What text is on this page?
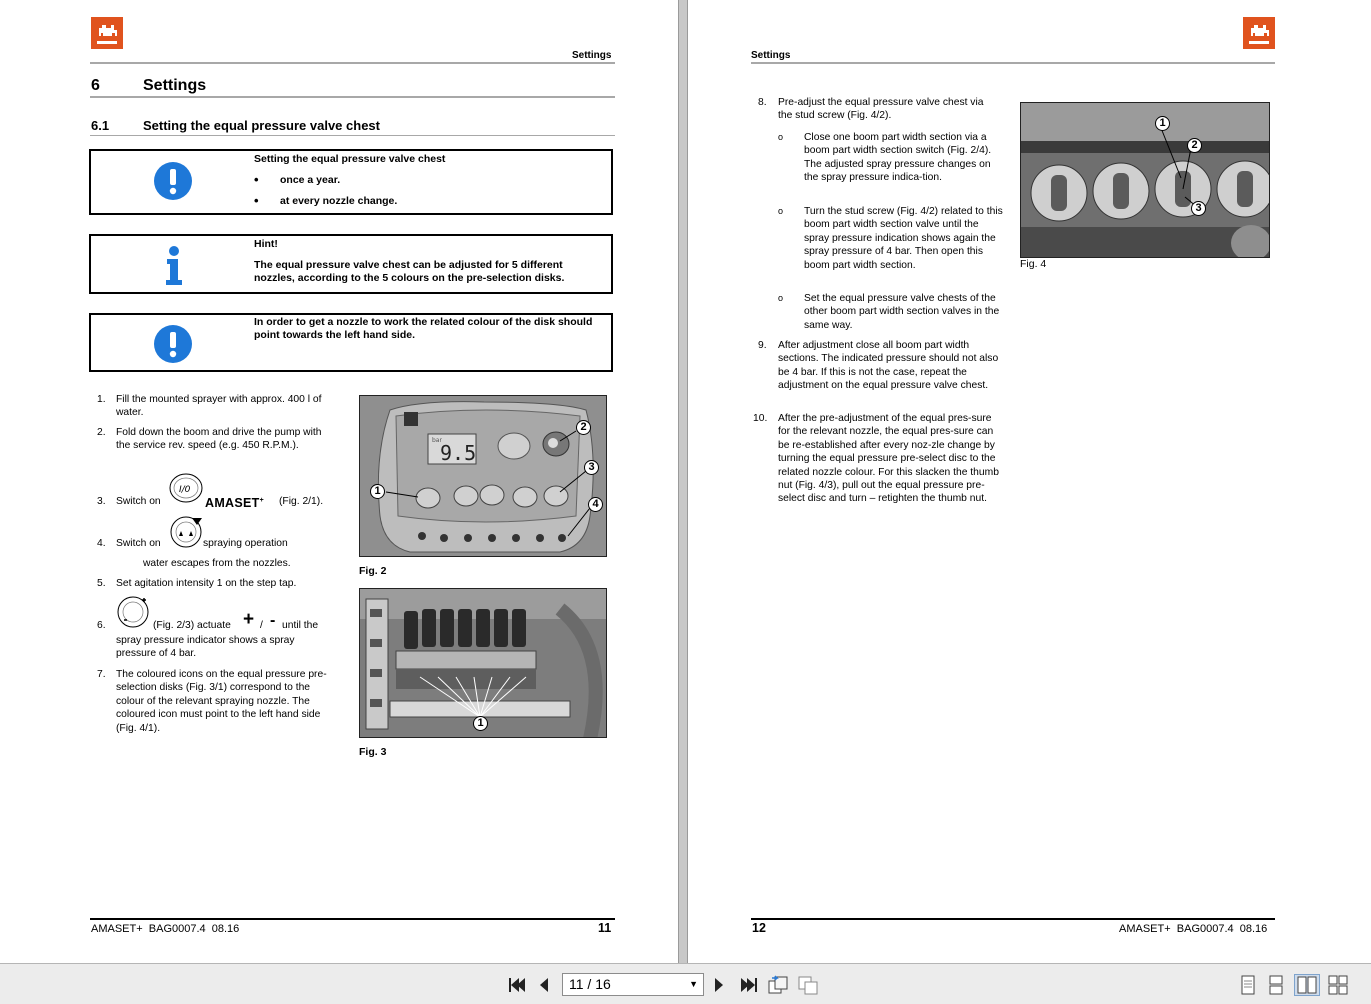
Settings
6	Settings
6.1	Setting the equal pressure valve chest
Setting the equal pressure valve chest
• once a year.
• at every nozzle change.
Hint!
The equal pressure valve chest can be adjusted for 5 different nozzles, according to the 5 colours on the pre-selection disks.
In order to get a nozzle to work the related colour of the disk should point towards the left hand side.
1. Fill the mounted sprayer with approx. 400 l of water.
2. Fold down the boom and drive the pump with the service rev. speed (e.g. 450 R.P.M.).
3. Switch on	AMASET+ (Fig. 2/1).
I/0
4. Switch on	spraying operation
water escapes from the nozzles.
5. Set agitation intensity 1 on the step tap.
6.	(Fig. 2/3) actuate + / - until the
spray pressure indicator shows a spray pressure of 4 bar.
7. The coloured icons on the equal pressure pre-selection disks (Fig. 3/1) correspond to the colour of the relevant spraying nozzle. The coloured icon must point to the left hand side (Fig. 4/1).
bar
9.5
1
2
3
4
Fig. 2
1
Fig. 3
AMASET+  BAG0007.4  08.16	11
Settings
8. Pre-adjust the equal pressure valve chest via the stud screw (Fig. 4/2).
o Close one boom part width section via a boom part width section switch (Fig. 2/4). The adjusted spray pressure changes on the spray pressure indica-tion.
o Turn the stud screw (Fig. 4/2) related to this boom part width section valve until the spray pressure indication shows again the spray pressure of 4 bar. Then open this boom part width section.
o Set the equal pressure valve chests of the other boom part width section valves in the same way.
9. After adjustment close all boom part width sections. The indicated pressure should not also be 4 bar. If this is not the case, repeat the adjustment on the equal pressure valve chest.
10. After the pre-adjustment of the equal pres-sure for the relevant nozzle, the equal pres-sure can be re-established after every noz-zle change by turning the equal pressure pre-select disc to the related nozzle colour. For this slacken the thumb nut (Fig. 4/3), pull out the equal pressure pre-select disc and turn – retighten the thumb nut.
1
2
3
Fig. 4
12	AMASET+  BAG0007.4  08.16
11 / 16	▼
